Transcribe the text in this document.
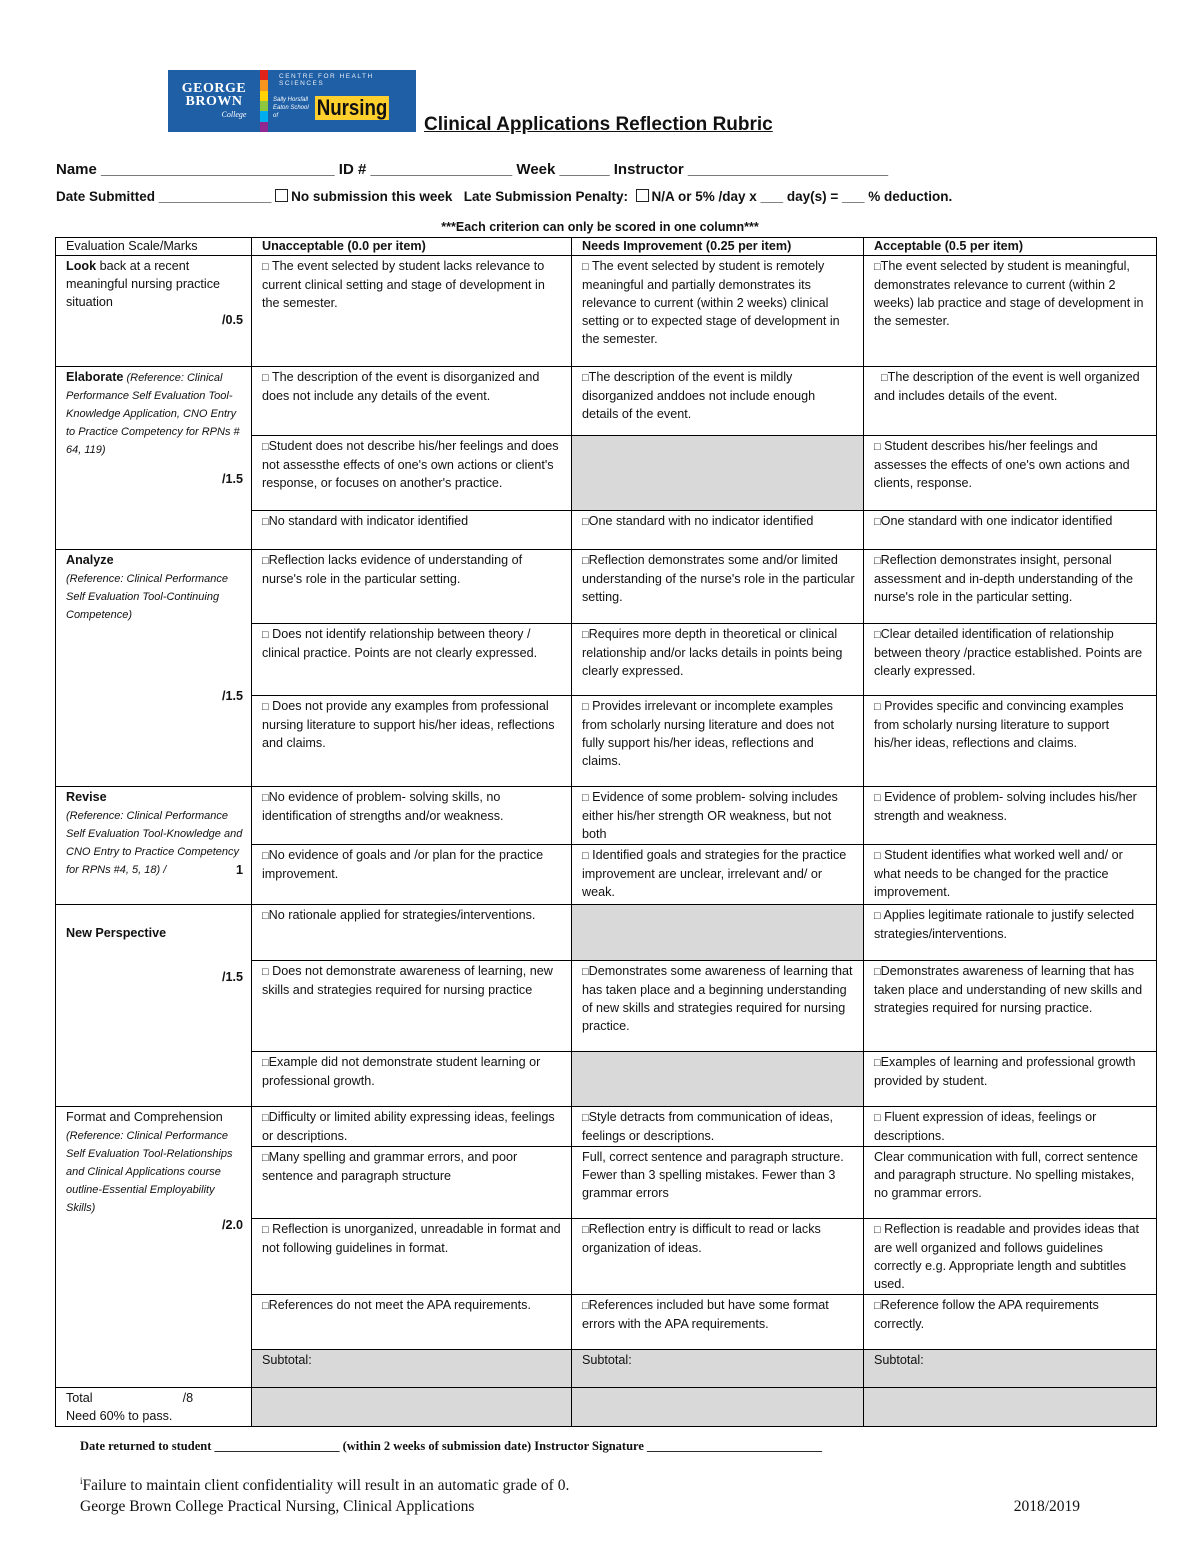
GEORGE
BROWN
College
CENTRE FOR HEALTH SCIENCES
Sally Horsfall Eaton School of	Nursing
Clinical Applications Reflection Rubric
Name ____________________________ ID # _________________ Week ______ Instructor ________________________
Date Submitted _______________ No submission this week Late Submission Penalty: N/A or 5% /day x ___ day(s) = ___ % deduction.
***Each criterion can only be scored in one column***
Evaluation Scale/Marks	Unacceptable (0.0 per item)	Needs Improvement (0.25 per item)	Acceptable (0.5 per item)
Look back at a recent meaningful nursing practice situation
/0.5	□ The event selected by student lacks relevance to current clinical setting and stage of development in the semester.	□ The event selected by student is remotely meaningful and partially demonstrates its relevance to current (within 2 weeks) clinical setting or to expected stage of development in the semester.	□The event selected by student is meaningful, demonstrates relevance to current (within 2 weeks) lab practice and stage of development in the semester.
Elaborate (Reference: Clinical Performance Self Evaluation Tool-Knowledge Application, CNO Entry to Practice Competency for RPNs # 64, 119)
/1.5	□ The description of the event is disorganized and does not include any details of the event.	□The description of the event is mildly disorganized anddoes not include enough details of the event.	□The description of the event is well organized and includes details of the event.
	□Student does not describe his/her feelings and does not assessthe effects of one's own actions or client's response, or focuses on another's practice.		□ Student describes his/her feelings and assesses the effects of one's own actions and clients, response.
	□No standard with indicator identified	□One standard with no indicator identified	□One standard with one indicator identified
Analyze
(Reference: Clinical Performance Self Evaluation Tool-Continuing Competence)
/1.5	□Reflection lacks evidence of understanding of nurse's role in the particular setting.	□Reflection demonstrates some and/or limited understanding of the nurse's role in the particular setting.	□Reflection demonstrates insight, personal assessment and in-depth understanding of the nurse's role in the particular setting.
	□ Does not identify relationship between theory / clinical practice. Points are not clearly expressed.	□Requires more depth in theoretical or clinical relationship and/or lacks details in points being clearly expressed.	□Clear detailed identification of relationship between theory /practice established. Points are clearly expressed.
	□ Does not provide any examples from professional nursing literature to support his/her ideas, reflections and claims.	□ Provides irrelevant or incomplete examples from scholarly nursing literature and does not fully support his/her ideas, reflections and claims.	□ Provides specific and convincing examples from scholarly nursing literature to support his/her ideas, reflections and claims.
Revise
(Reference: Clinical Performance Self Evaluation Tool-Knowledge and CNO Entry to Practice Competency for RPNs #4, 5, 18) / 1	□No evidence of problem- solving skills, no identification of strengths and/or weakness.	□ Evidence of some problem- solving includes either his/her strength OR weakness, but not both	□ Evidence of problem- solving includes his/her strength and weakness.
	□No evidence of goals and /or plan for the practice improvement.	□ Identified goals and strategies for the practice improvement are unclear, irrelevant and/ or weak.	□ Student identifies what worked well and/ or what needs to be changed for the practice improvement.

New Perspective
/1.5	□No rationale applied for strategies/interventions.		□ Applies legitimate rationale to justify selected strategies/interventions.
	□ Does not demonstrate awareness of learning, new skills and strategies required for nursing practice	□Demonstrates some awareness of learning that has taken place and a beginning understanding of new skills and strategies required for nursing practice.	□Demonstrates awareness of learning that has taken place and understanding of new skills and strategies required for nursing practice.
	□Example did not demonstrate student learning or professional growth.		□Examples of learning and professional growth provided by student.
Format and Comprehension
(Reference: Clinical Performance Self Evaluation Tool-Relationships and Clinical Applications course outline-Essential Employability Skills)
/2.0	□Difficulty or limited ability expressing ideas, feelings or descriptions.	□Style detracts from communication of ideas, feelings or descriptions.	□ Fluent expression of ideas, feelings or descriptions.
	□Many spelling and grammar errors, and poor sentence and paragraph structure	Full, correct sentence and paragraph structure. Fewer than 3 spelling mistakes. Fewer than 3 grammar errors	Clear communication with full, correct sentence and paragraph structure. No spelling mistakes, no grammar errors.
	□ Reflection is unorganized, unreadable in format and not following guidelines in format.	□Reflection entry is difficult to read or lacks organization of ideas.	□ Reflection is readable and provides ideas that are well organized and follows guidelines correctly e.g. Appropriate length and subtitles used.
	□References do not meet the APA requirements.	□References included but have some format errors with the APA requirements.	□Reference follow the APA requirements correctly.
	Subtotal:	Subtotal:	Subtotal:
Total /8
Need 60% to pass.			
Date returned to student ____________________ (within 2 weeks of submission date) Instructor Signature ____________________________
$^i$Failure to maintain client confidentiality will result in an automatic grade of 0.
George Brown College Practical Nursing, Clinical Applications	2018/2019
